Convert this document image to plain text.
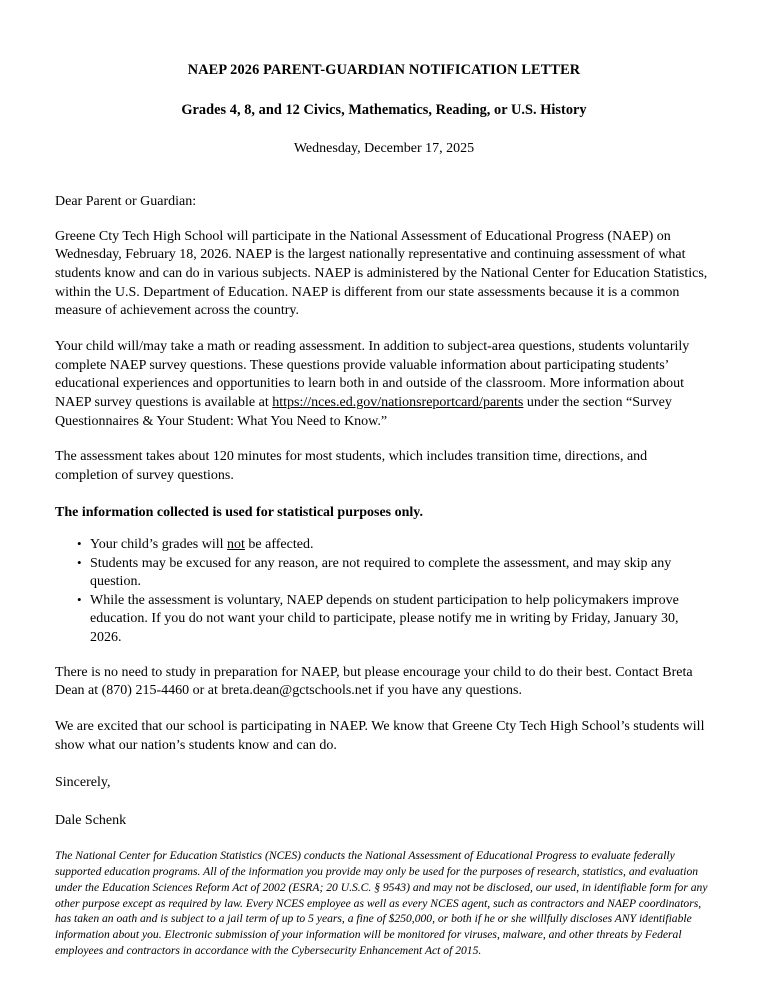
NAEP 2026 PARENT-GUARDIAN NOTIFICATION LETTER
Grades 4, 8, and 12 Civics, Mathematics, Reading, or U.S. History

Wednesday, December 17, 2025

Dear Parent or Guardian:

Greene Cty Tech High School will participate in the National Assessment of Educational Progress (NAEP) on Wednesday, February 18, 2026. NAEP is the largest nationally representative and continuing assessment of what students know and can do in various subjects. NAEP is administered by the National Center for Education Statistics, within the U.S. Department of Education. NAEP is different from our state assessments because it is a common measure of achievement across the country.

Your child will/may take a math or reading assessment. In addition to subject-area questions, students voluntarily complete NAEP survey questions. These questions provide valuable information about participating students’ educational experiences and opportunities to learn both in and outside of the classroom. More information about NAEP survey questions is available at https://nces.ed.gov/nationsreportcard/parents under the section “Survey Questionnaires & Your Student: What You Need to Know.”

The assessment takes about 120 minutes for most students, which includes transition time, directions, and completion of survey questions.

The information collected is used for statistical purposes only.

• Your child’s grades will not be affected.
• Students may be excused for any reason, are not required to complete the assessment, and may skip any question.
• While the assessment is voluntary, NAEP depends on student participation to help policymakers improve education. If you do not want your child to participate, please notify me in writing by Friday, January 30, 2026.

There is no need to study in preparation for NAEP, but please encourage your child to do their best. Contact Breta Dean at (870) 215-4460 or at breta.dean@gctschools.net if you have any questions.

We are excited that our school is participating in NAEP. We know that Greene Cty Tech High School’s students will show what our nation’s students know and can do.

Sincerely,

Dale Schenk

The National Center for Education Statistics (NCES) conducts the National Assessment of Educational Progress to evaluate federally supported education programs. All of the information you provide may only be used for the purposes of research, statistics, and evaluation under the Education Sciences Reform Act of 2002 (ESRA; 20 U.S.C. § 9543) and may not be disclosed, our used, in identifiable form for any other purpose except as required by law. Every NCES employee as well as every NCES agent, such as contractors and NAEP coordinators, has taken an oath and is subject to a jail term of up to 5 years, a fine of $250,000, or both if he or she willfully discloses ANY identifiable information about you. Electronic submission of your information will be monitored for viruses, malware, and other threats by Federal employees and contractors in accordance with the Cybersecurity Enhancement Act of 2015.
